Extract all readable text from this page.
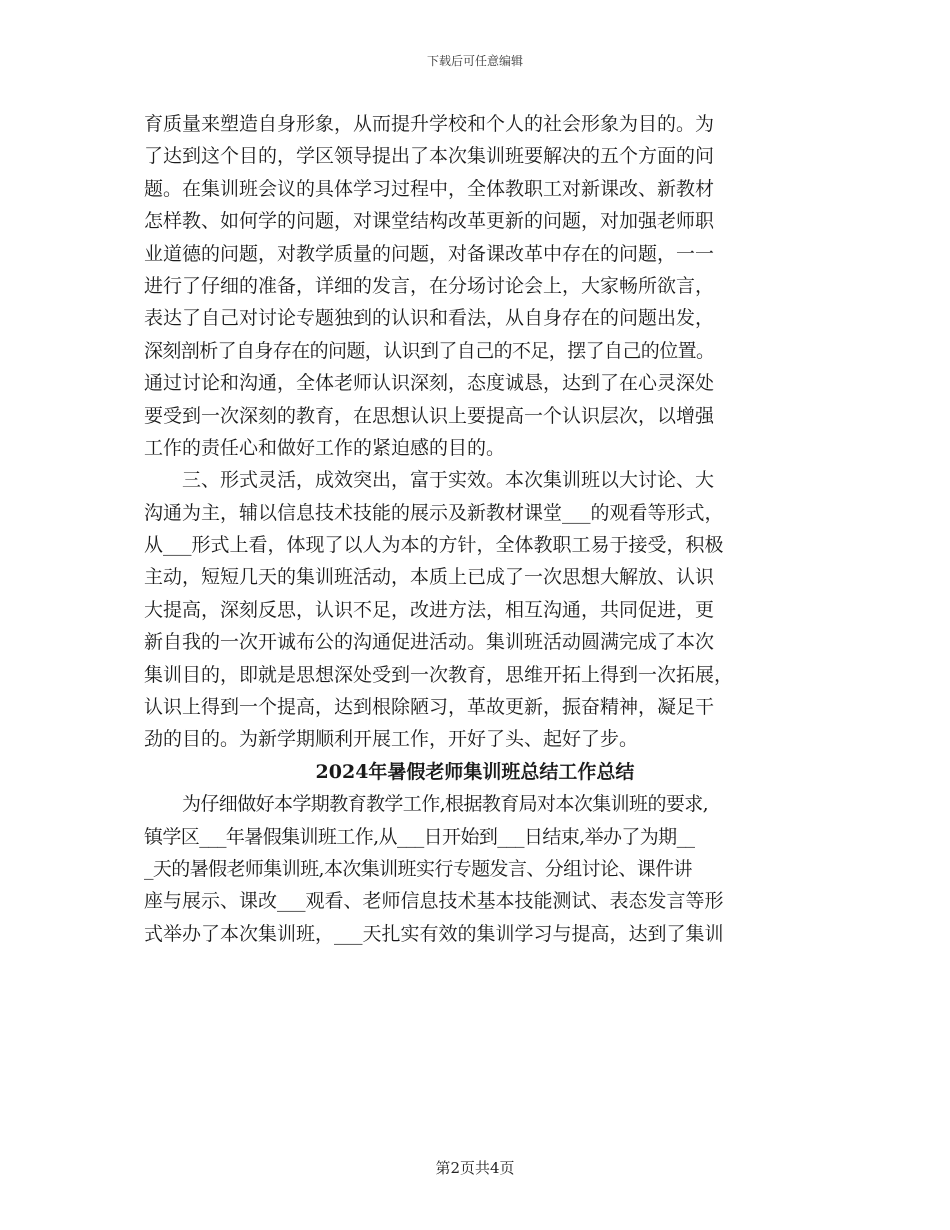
下载后可任意编辑
育质量来塑造自身形象，从而提升学校和个人的社会形象为目的。为
了达到这个目的，学区领导提出了本次集训班要解决的五个方面的问
题。在集训班会议的具体学习过程中，全体教职工对新课改、新教材
怎样教、如何学的问题，对课堂结构改革更新的问题，对加强老师职
业道德的问题，对教学质量的问题，对备课改革中存在的问题，一一
进行了仔细的准备，详细的发言，在分场讨论会上，大家畅所欲言，
表达了自己对讨论专题独到的认识和看法，从自身存在的问题出发，
深刻剖析了自身存在的问题，认识到了自己的不足，摆了自己的位置。
通过讨论和沟通，全体老师认识深刻，态度诚恳，达到了在心灵深处
要受到一次深刻的教育，在思想认识上要提高一个认识层次，以增强
工作的责任心和做好工作的紧迫感的目的。
三、形式灵活，成效突出，富于实效。本次集训班以大讨论、大
沟通为主，辅以信息技术技能的展示及新教材课堂___的观看等形式，
从___形式上看，体现了以人为本的方针，全体教职工易于接受，积极
主动，短短几天的集训班活动，本质上已成了一次思想大解放、认识
大提高，深刻反思，认识不足，改进方法，相互沟通，共同促进，更
新自我的一次开诚布公的沟通促进活动。集训班活动圆满完成了本次
集训目的，即就是思想深处受到一次教育，思维开拓上得到一次拓展，
认识上得到一个提高，达到根除陋习，革故更新，振奋精神，凝足干
劲的目的。为新学期顺利开展工作，开好了头、起好了步。
2024年暑假老师集训班总结工作总结
为仔细做好本学期教育教学工作,根据教育局对本次集训班的要求,
镇学区___年暑假集训班工作,从___日开始到___日结束,举办了为期__
_天的暑假老师集训班,本次集训班实行专题发言、分组讨论、课件讲
座与展示、课改___观看、老师信息技术基本技能测试、表态发言等形
式举办了本次集训班，___天扎实有效的集训学习与提高，达到了集训
第2页共4页
